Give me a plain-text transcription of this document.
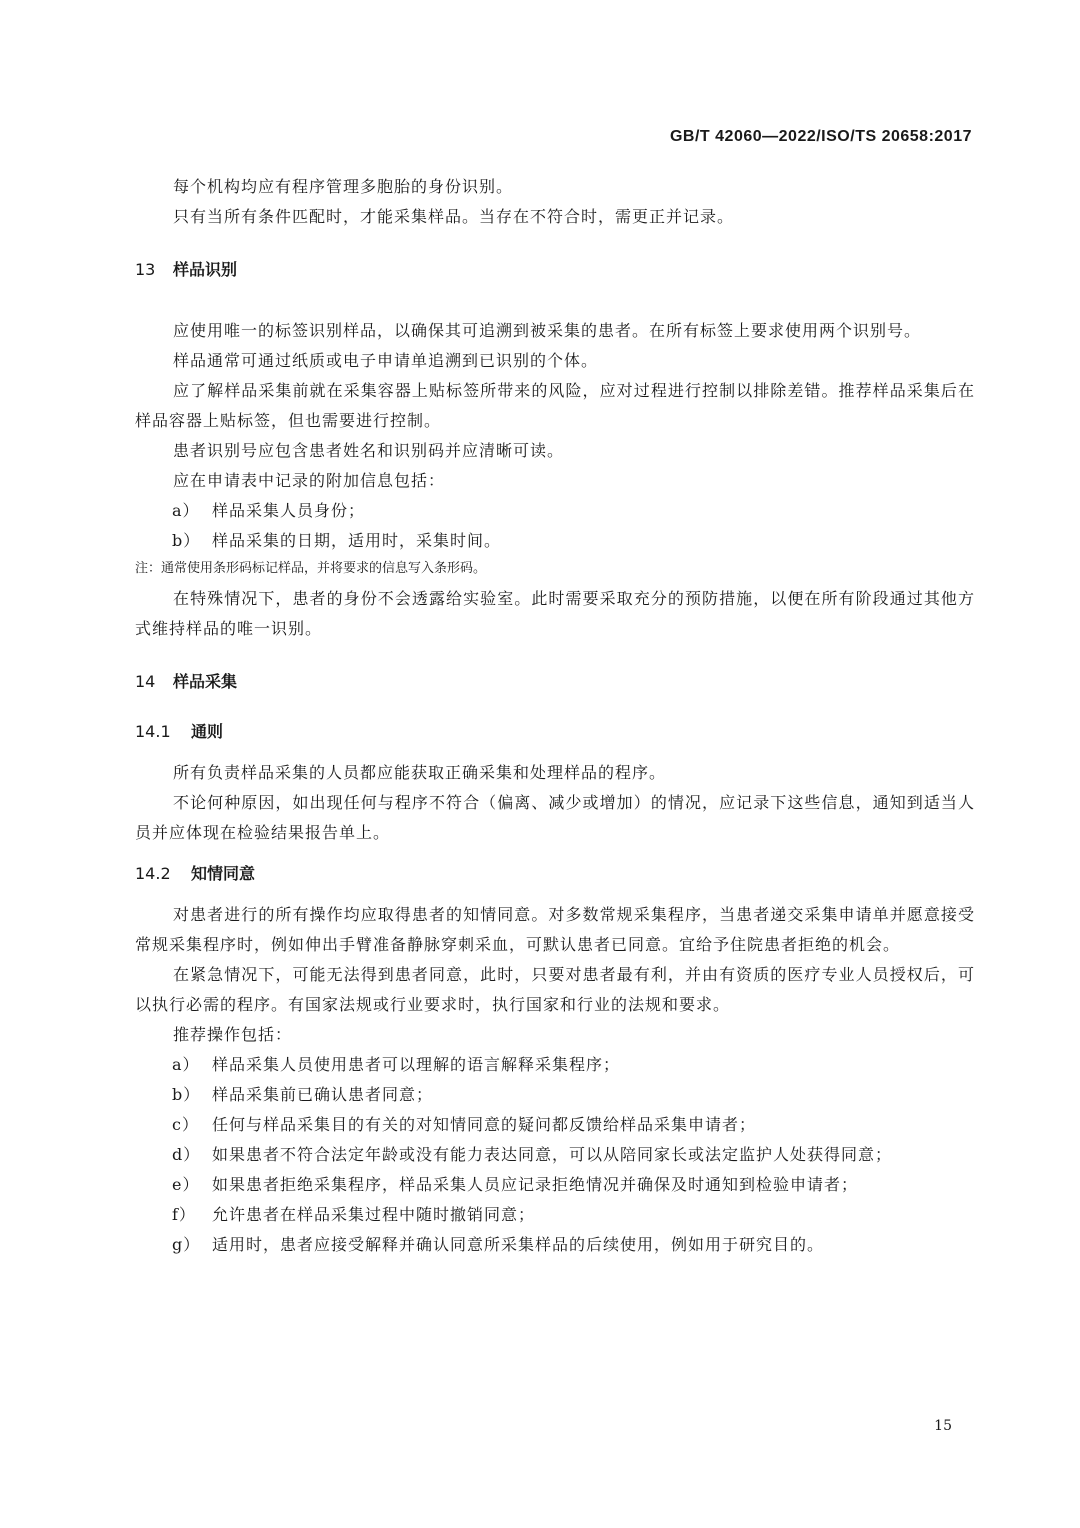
GB/T 42060—2022/ISO/TS 20658:2017

每个机构均应有程序管理多胞胎的身份识别。

只有当所有条件匹配时，才能采集样品。当存在不符合时，需更正并记录。

13 样品识别

应使用唯一的标签识别样品，以确保其可追溯到被采集的患者。在所有标签上要求使用两个识别号。

样品通常可通过纸质或电子申请单追溯到已识别的个体。

应了解样品采集前就在采集容器上贴标签所带来的风险，应对过程进行控制以排除差错。推荐样品采集后在样品容器上贴标签，但也需要进行控制。

患者识别号应包含患者姓名和识别码并应清晰可读。

应在申请表中记录的附加信息包括：

a） 样品采集人员身份；

b） 样品采集的日期，适用时，采集时间。

注：通常使用条形码标记样品，并将要求的信息写入条形码。

在特殊情况下，患者的身份不会透露给实验室。此时需要采取充分的预防措施，以便在所有阶段通过其他方式维持样品的唯一识别。

14 样品采集
14.1 通则

所有负责样品采集的人员都应能获取正确采集和处理样品的程序。

不论何种原因，如出现任何与程序不符合（偏离、减少或增加）的情况，应记录下这些信息，通知到适当人员并应体现在检验结果报告单上。

14.2 知情同意

对患者进行的所有操作均应取得患者的知情同意。对多数常规采集程序，当患者递交采集申请单并愿意接受常规采集程序时，例如伸出手臂准备静脉穿刺采血，可默认患者已同意。宜给予住院患者拒绝的机会。

在紧急情况下，可能无法得到患者同意，此时，只要对患者最有利，并由有资质的医疗专业人员授权后，可以执行必需的程序。有国家法规或行业要求时，执行国家和行业的法规和要求。

推荐操作包括：

a） 样品采集人员使用患者可以理解的语言解释采集程序；

b） 样品采集前已确认患者同意；

c） 任何与样品采集目的有关的对知情同意的疑问都反馈给样品采集申请者；

d） 如果患者不符合法定年龄或没有能力表达同意，可以从陪同家长或法定监护人处获得同意；

e） 如果患者拒绝采集程序，样品采集人员应记录拒绝情况并确保及时通知到检验申请者；

f） 允许患者在样品采集过程中随时撤销同意；

g） 适用时，患者应接受解释并确认同意所采集样品的后续使用，例如用于研究目的。

15
